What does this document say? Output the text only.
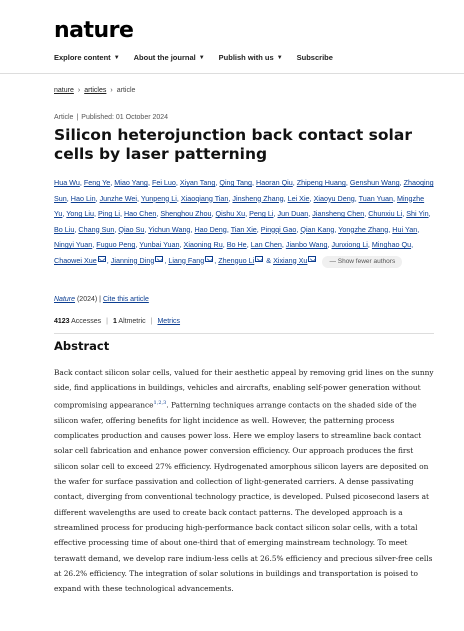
nature
Explore content ▼ About the journal ▼ Publish with us ▼ Subscribe
nature › articles › article
Article | Published: 01 October 2024
Silicon heterojunction back contact solar cells by laser patterning
Hua Wu, Feng Ye, Miao Yang, Fei Luo, Xiyan Tang, Qing Tang, Haoran Qiu, Zhipeng Huang, Genshun Wang, Zhaoqing Sun, Hao Lin, Junzhe Wei, Yunpeng Li, Xiaoqiang Tian, Jinsheng Zhang, Lei Xie, Xiaoyu Deng, Tuan Yuan, Mingzhe Yu, Yong Liu, Ping Li, Hao Chen, Shenghou Zhou, Qishu Xu, Peng Li, Jun Duan, Jiansheng Chen, Chunxiu Li, Shi Yin, Bo Liu, Chang Sun, Qiao Su, Yichun Wang, Hao Deng, Tian Xie, Pingqi Gao, Qian Kang, Yongzhe Zhang, Hui Yan, Ningyi Yuan, Fuguo Peng, Yunbai Yuan, Xiaoning Ru, Bo He, Lan Chen, Jianbo Wang, Junxiong Li, Minghao Qu, Chaowei Xue , Jianning Ding , Liang Fang , Zhenguo Li & Xixiang Xu	— Show fewer authors
Nature (2024) | Cite this article
4123 Accesses | 1 Altmetric | Metrics
Abstract

Back contact silicon solar cells, valued for their aesthetic appeal by removing grid lines on the sunny side, find applications in buildings, vehicles and aircrafts, enabling self-power generation without compromising appearance$^{1,2,3}$. Patterning techniques arrange contacts on the shaded side of the silicon wafer, offering benefits for light incidence as well. However, the patterning process complicates production and causes power loss. Here we employ lasers to streamline back contact solar cell fabrication and enhance power conversion efficiency. Our approach produces the first silicon solar cell to exceed 27% efficiency. Hydrogenated amorphous silicon layers are deposited on the wafer for surface passivation and collection of light-generated carriers. A dense passivating contact, diverging from conventional technology practice, is developed. Pulsed picosecond lasers at different wavelengths are used to create back contact patterns. The developed approach is a streamlined process for producing high-performance back contact silicon solar cells, with a total effective processing time of about one-third that of emerging mainstream technology. To meet terawatt demand, we develop rare indium-less cells at 26.5% efficiency and precious silver-free cells at 26.2% efficiency. The integration of solar solutions in buildings and transportation is poised to expand with these technological advancements.
